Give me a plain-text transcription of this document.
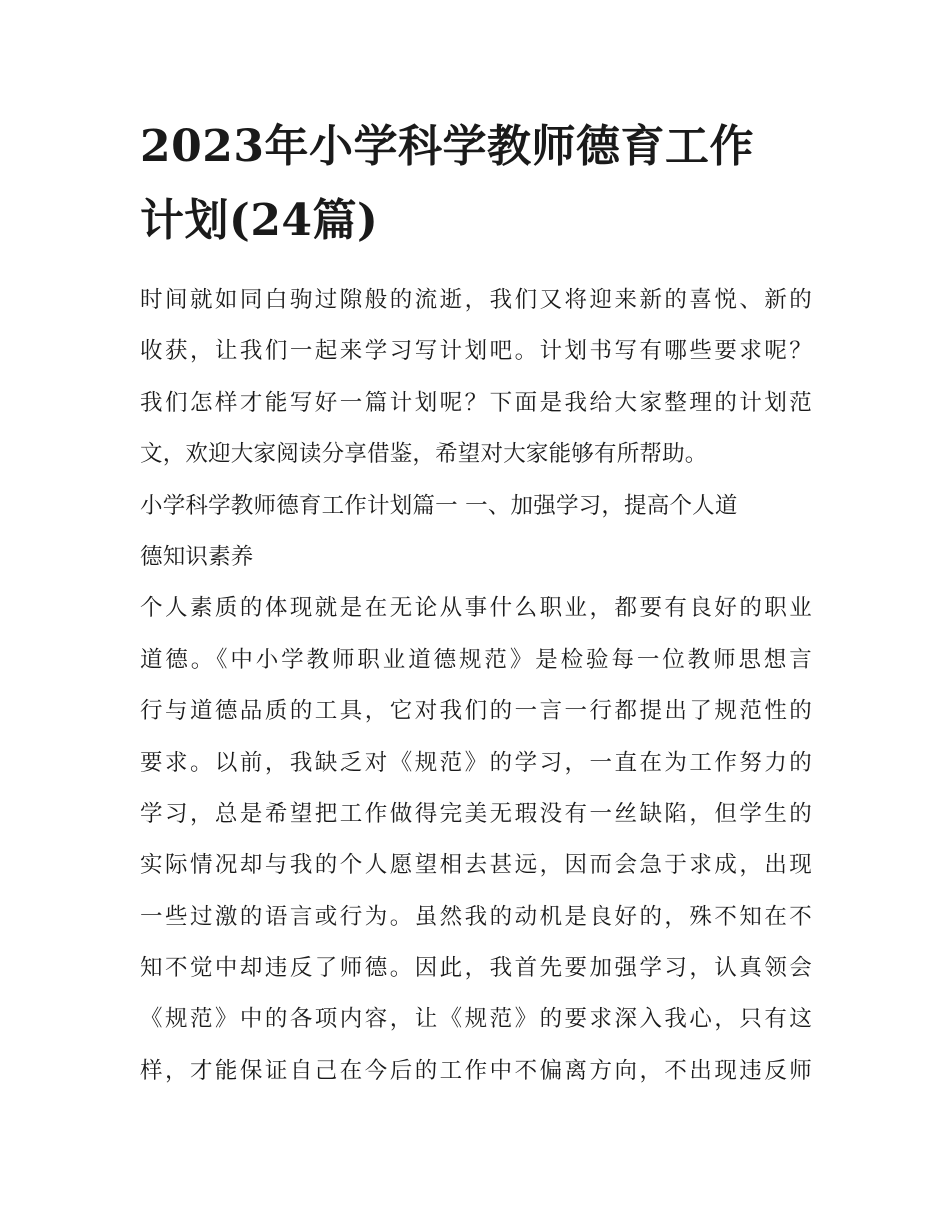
2023年小学科学教师德育工作
计划(24篇)
时间就如同白驹过隙般的流逝，我们又将迎来新的喜悦、新的
收获，让我们一起来学习写计划吧。计划书写有哪些要求呢？
我们怎样才能写好一篇计划呢？下面是我给大家整理的计划范
文，欢迎大家阅读分享借鉴，希望对大家能够有所帮助。
小学科学教师德育工作计划篇一 一、加强学习，提高个人道
德知识素养
个人素质的体现就是在无论从事什么职业，都要有良好的职业
道德。《中小学教师职业道德规范》是检验每一位教师思想言
行与道德品质的工具，它对我们的一言一行都提出了规范性的
要求。以前，我缺乏对《规范》的学习，一直在为工作努力的
学习，总是希望把工作做得完美无瑕没有一丝缺陷，但学生的
实际情况却与我的个人愿望相去甚远，因而会急于求成，出现
一些过激的语言或行为。虽然我的动机是良好的，殊不知在不
知不觉中却违反了师德。因此，我首先要加强学习，认真领会
《规范》中的各项内容，让《规范》的要求深入我心，只有这
样，才能保证自己在今后的工作中不偏离方向，不出现违反师
